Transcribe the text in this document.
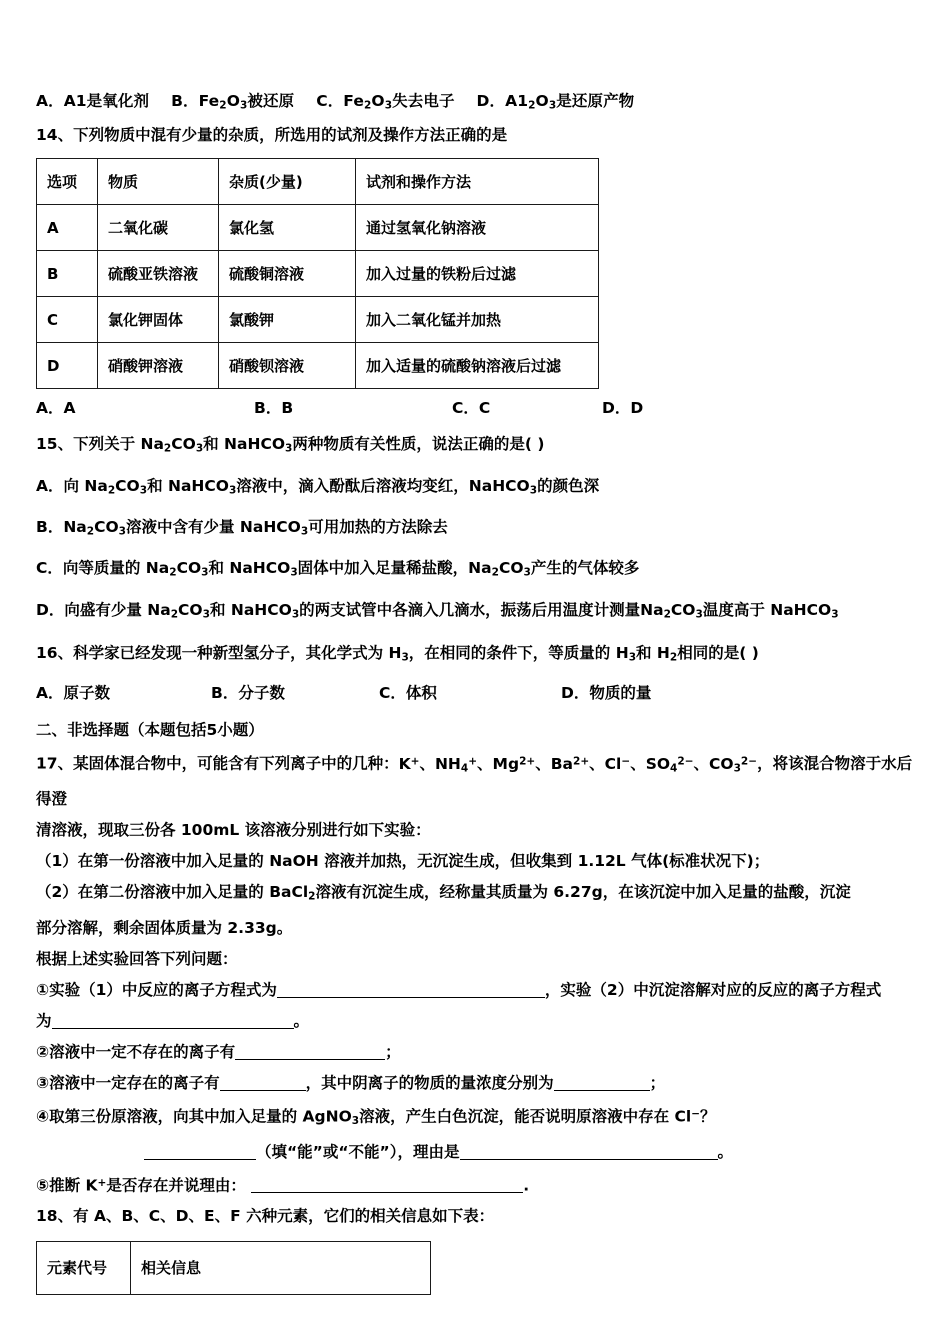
A．A1是氧化剂 B．$Fe_2O_3$被还原 C．$Fe_2O_3$失去电子 D．$A1_2O_3$是还原产物
14、下列物质中混有少量的杂质，所选用的试剂及操作方法正确的是
选项	物质	杂质(少量)	试剂和操作方法
A	二氧化碳	氯化氢	通过氢氧化钠溶液
B	硫酸亚铁溶液	硫酸铜溶液	加入过量的铁粉后过滤
C	氯化钾固体	氯酸钾	加入二氧化锰并加热
D	硝酸钾溶液	硝酸钡溶液	加入适量的硫酸钠溶液后过滤
A．A	B．B	C．C	D．D
15、下列关于 $Na_2CO_3$和 NaHCO$_3$两种物质有关性质，说法正确的是( )
A．向 $Na_2CO_3$和 NaHCO$_3$溶液中，滴入酚酞后溶液均变红，NaHCO$_3$的颜色深
B．$Na_2CO_3$溶液中含有少量 NaHCO$_3$可用加热的方法除去
C．向等质量的 $Na_2CO_3$和 NaHCO$_3$固体中加入足量稀盐酸，$Na_2CO_3$产生的气体较多
D．向盛有少量 $Na_2CO_3$和 NaHCO$_3$的两支试管中各滴入几滴水，振荡后用温度计测量$Na_2CO_3$温度高于 NaHCO$_3$
16、科学家已经发现一种新型氢分子，其化学式为 $H_3$，在相同的条件下，等质量的 $H_3$和 $H_2$相同的是( )
A．原子数	B．分子数	C．体积	D．物质的量
二、非选择题（本题包括5小题）
17、某固体混合物中，可能含有下列离子中的几种：K+、$NH_4^+$、$Mg^{2+}$、$Ba^{2+}$、Cl−、$SO_4^{2-}$、$CO_3^{2-}$，将该混合物溶于水后得澄
清溶液，现取三份各 100mL 该溶液分别进行如下实验：
（1）在第一份溶液中加入足量的 NaOH 溶液并加热，无沉淀生成，但收集到 1.12L 气体(标准状况下)；
（2）在第二份溶液中加入足量的 BaCl$_2$溶液有沉淀生成，经称量其质量为 6.27g，在该沉淀中加入足量的盐酸，沉淀
部分溶解，剩余固体质量为 2.33g。
根据上述实验回答下列问题：
①实验（1）中反应的离子方程式为	，实验（2）中沉淀溶解对应的反应的离子方程式
为	。
②溶液中一定不存在的离子有	；
③溶液中一定存在的离子有	，其中阴离子的物质的量浓度分别为	；
④取第三份原溶液，向其中加入足量的 AgNO$_3$溶液，产生白色沉淀，能否说明原溶液中存在 Cl−？
（填“能”或“不能”），理由是	。
⑤推断 K+是否存在并说理由：	.
18、有 A、B、C、D、E、F 六种元素，它们的相关信息如下表：
元素代号	相关信息
